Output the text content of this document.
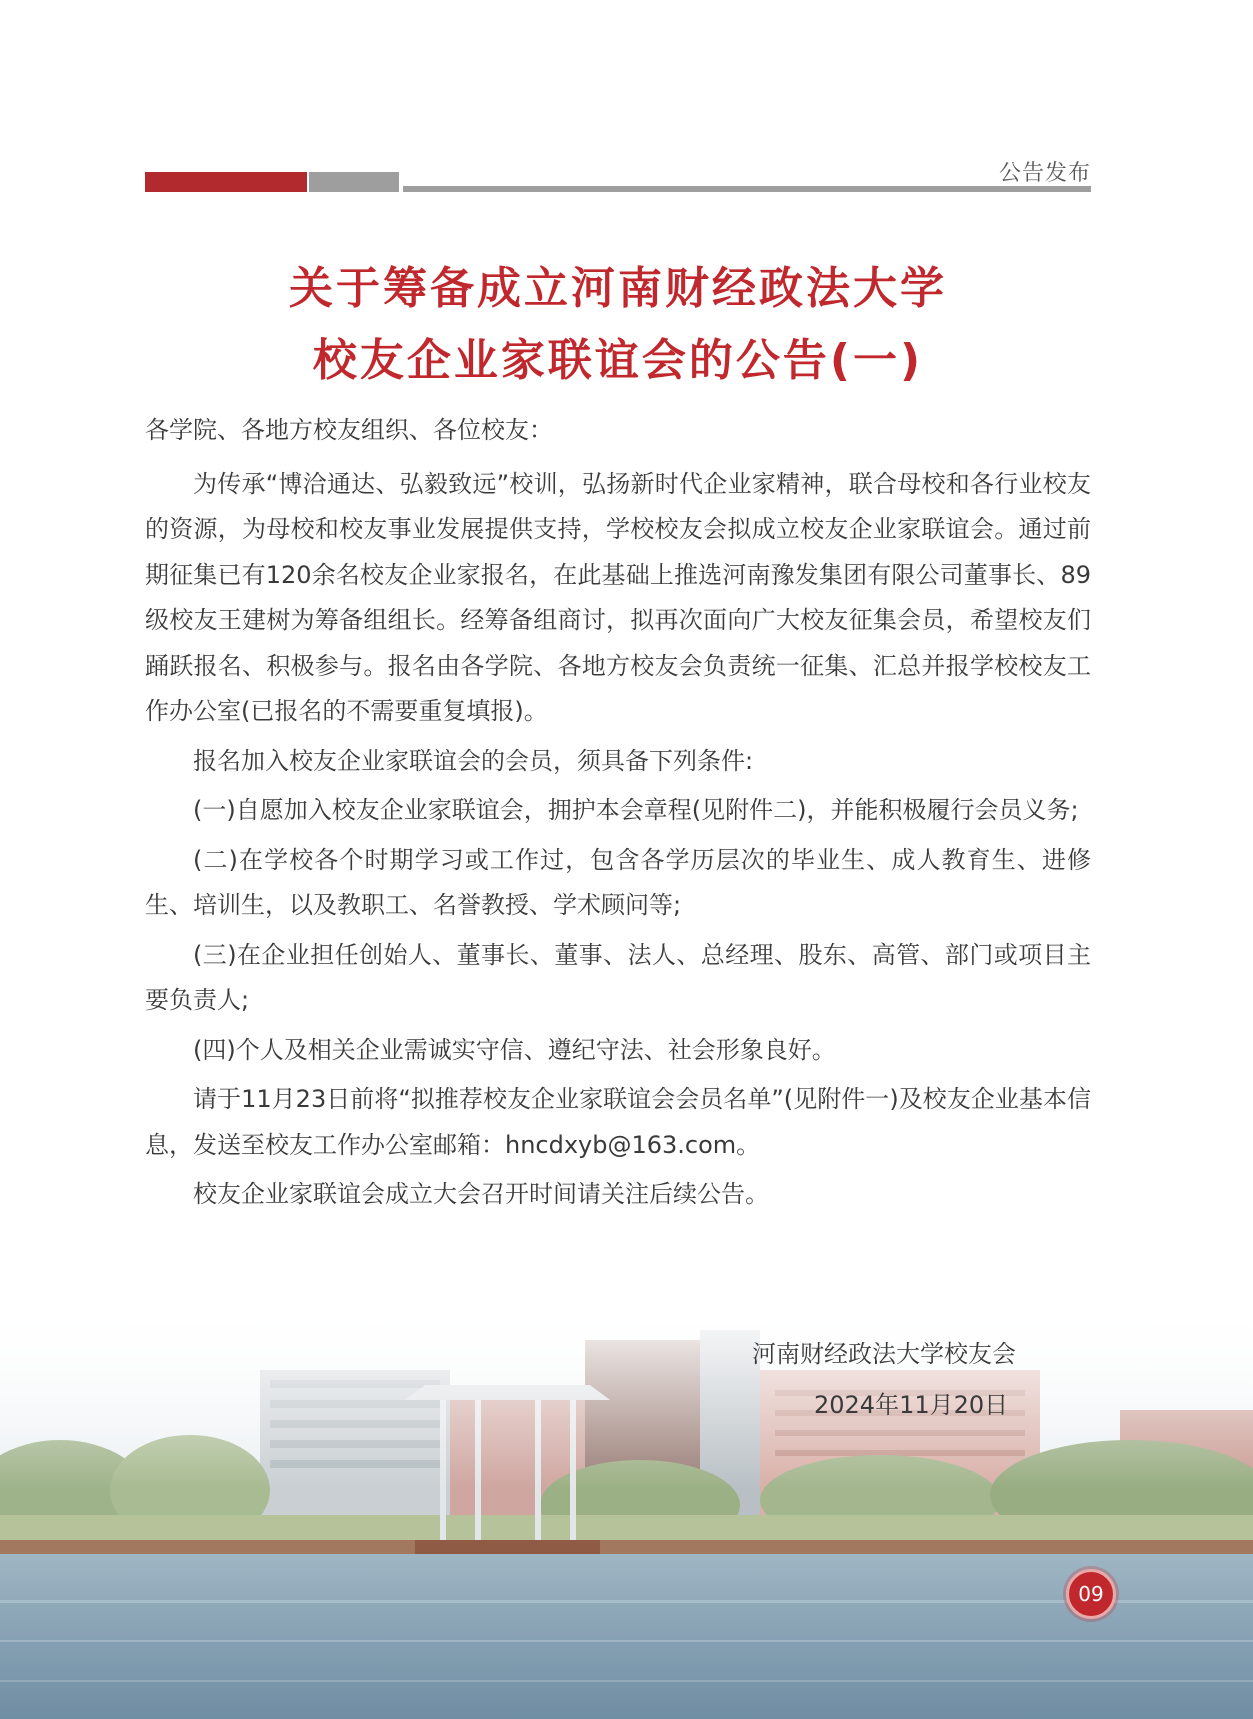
公告发布
关于筹备成立河南财经政法大学
校友企业家联谊会的公告(一)

各学院、各地方校友组织、各位校友：

为传承“博洽通达、弘毅致远”校训，弘扬新时代企业家精神，联合母校和各行业校友的资源，为母校和校友事业发展提供支持，学校校友会拟成立校友企业家联谊会。通过前期征集已有120余名校友企业家报名，在此基础上推选河南豫发集团有限公司董事长、89级校友王建树为筹备组组长。经筹备组商讨，拟再次面向广大校友征集会员，希望校友们踊跃报名、积极参与。报名由各学院、各地方校友会负责统一征集、汇总并报学校校友工作办公室(已报名的不需要重复填报)。

报名加入校友企业家联谊会的会员，须具备下列条件:

(一)自愿加入校友企业家联谊会，拥护本会章程(见附件二)，并能积极履行会员义务;

(二)在学校各个时期学习或工作过，包含各学历层次的毕业生、成人教育生、进修生、培训生，以及教职工、名誉教授、学术顾问等;

(三)在企业担任创始人、董事长、董事、法人、总经理、股东、高管、部门或项目主要负责人;

(四)个人及相关企业需诚实守信、遵纪守法、社会形象良好。

请于11月23日前将“拟推荐校友企业家联谊会会员名单”(见附件一)及校友企业基本信息，发送至校友工作办公室邮箱：hncdxyb@163.com。

校友企业家联谊会成立大会召开时间请关注后续公告。

河南财经政法大学校友会
2024年11月20日
09
